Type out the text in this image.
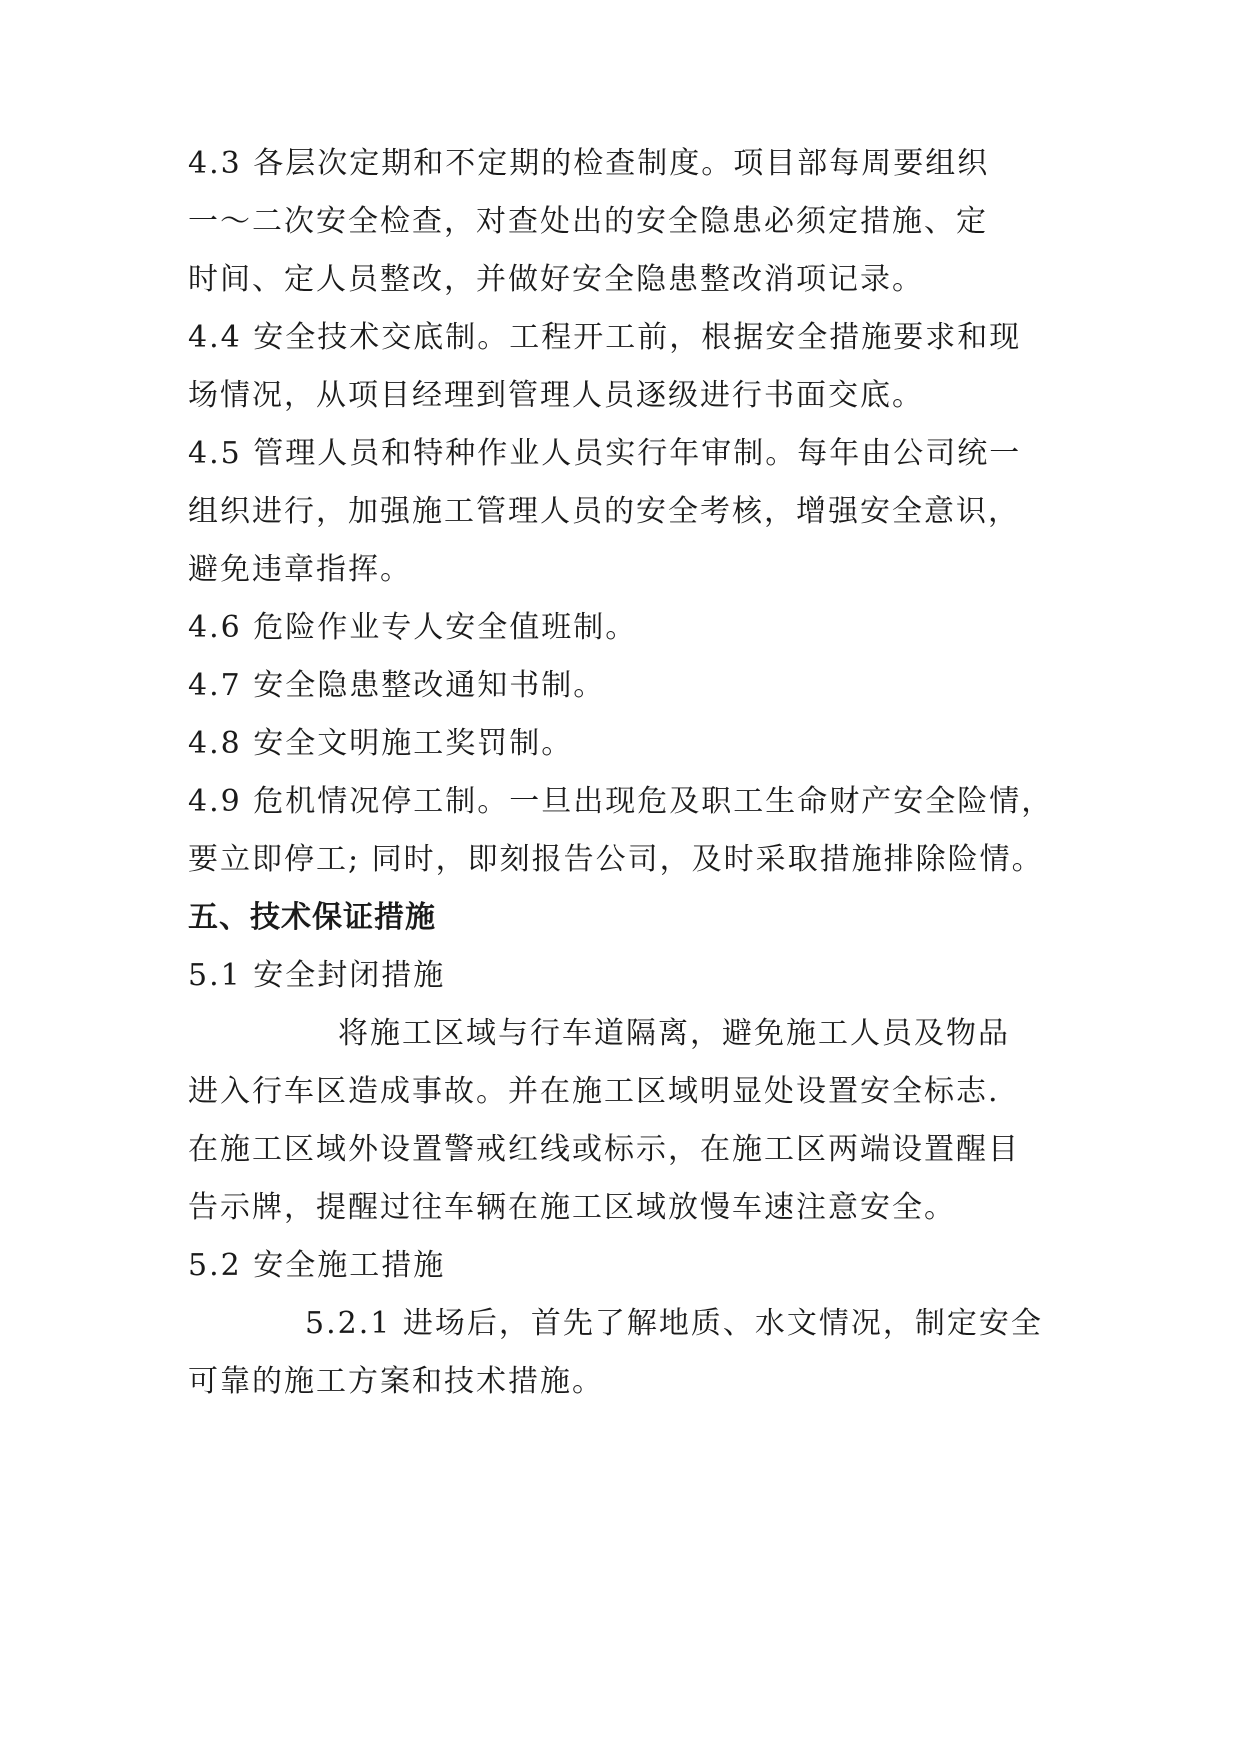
4.3 各层次定期和不定期的检查制度。项目部每周要组织
一～二次安全检查，对查处出的安全隐患必须定措施、定
时间、定人员整改，并做好安全隐患整改消项记录。
4.4 安全技术交底制。工程开工前，根据安全措施要求和现
场情况，从项目经理到管理人员逐级进行书面交底。
4.5 管理人员和特种作业人员实行年审制。每年由公司统一
组织进行，加强施工管理人员的安全考核，增强安全意识，
避免违章指挥。
4.6 危险作业专人安全值班制。
4.7 安全隐患整改通知书制。
4.8 安全文明施工奖罚制。
4.9 危机情况停工制。一旦出现危及职工生命财产安全险情，
要立即停工; 同时，即刻报告公司，及时采取措施排除险情。
五、技术保证措施
5.1 安全封闭措施
将施工区域与行车道隔离，避免施工人员及物品
进入行车区造成事故。并在施工区域明显处设置安全标志.
在施工区域外设置警戒红线或标示，在施工区两端设置醒目
告示牌，提醒过往车辆在施工区域放慢车速注意安全。
5.2 安全施工措施
5.2.1 进场后，首先了解地质、水文情况，制定安全
可靠的施工方案和技术措施。
